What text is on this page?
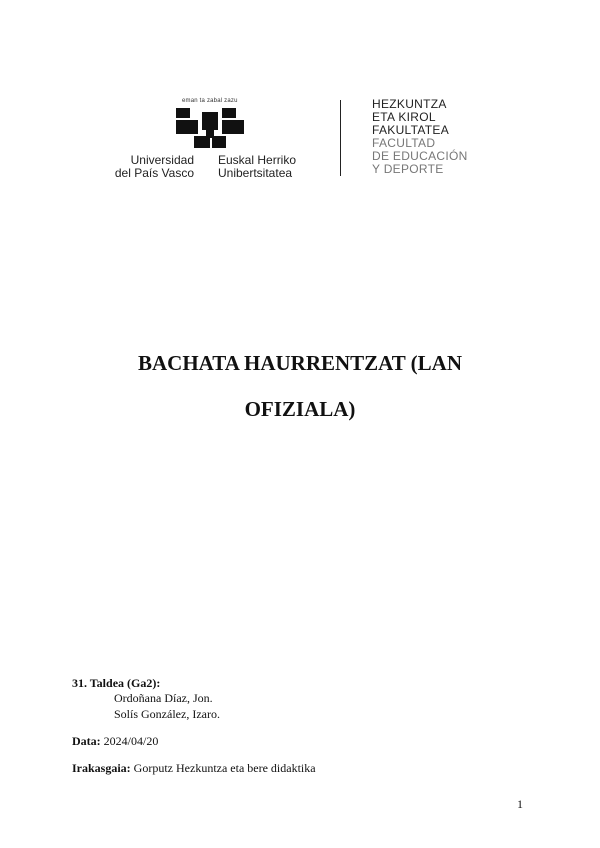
eman ta zabal zazu
Universidad
del País Vasco
Euskal Herriko
Unibertsitatea
HEZKUNTZA
ETA KIROL
FAKULTATEA
FACULTAD
DE EDUCACIÓN
Y DEPORTE
BACHATA HAURRENTZAT (LAN
OFIZIALA)
31. Taldea (Ga2):
Ordoñana Díaz, Jon.
Solís González, Izaro.
Data: 2024/04/20
Irakasgaia: Gorputz Hezkuntza eta bere didaktika
1
